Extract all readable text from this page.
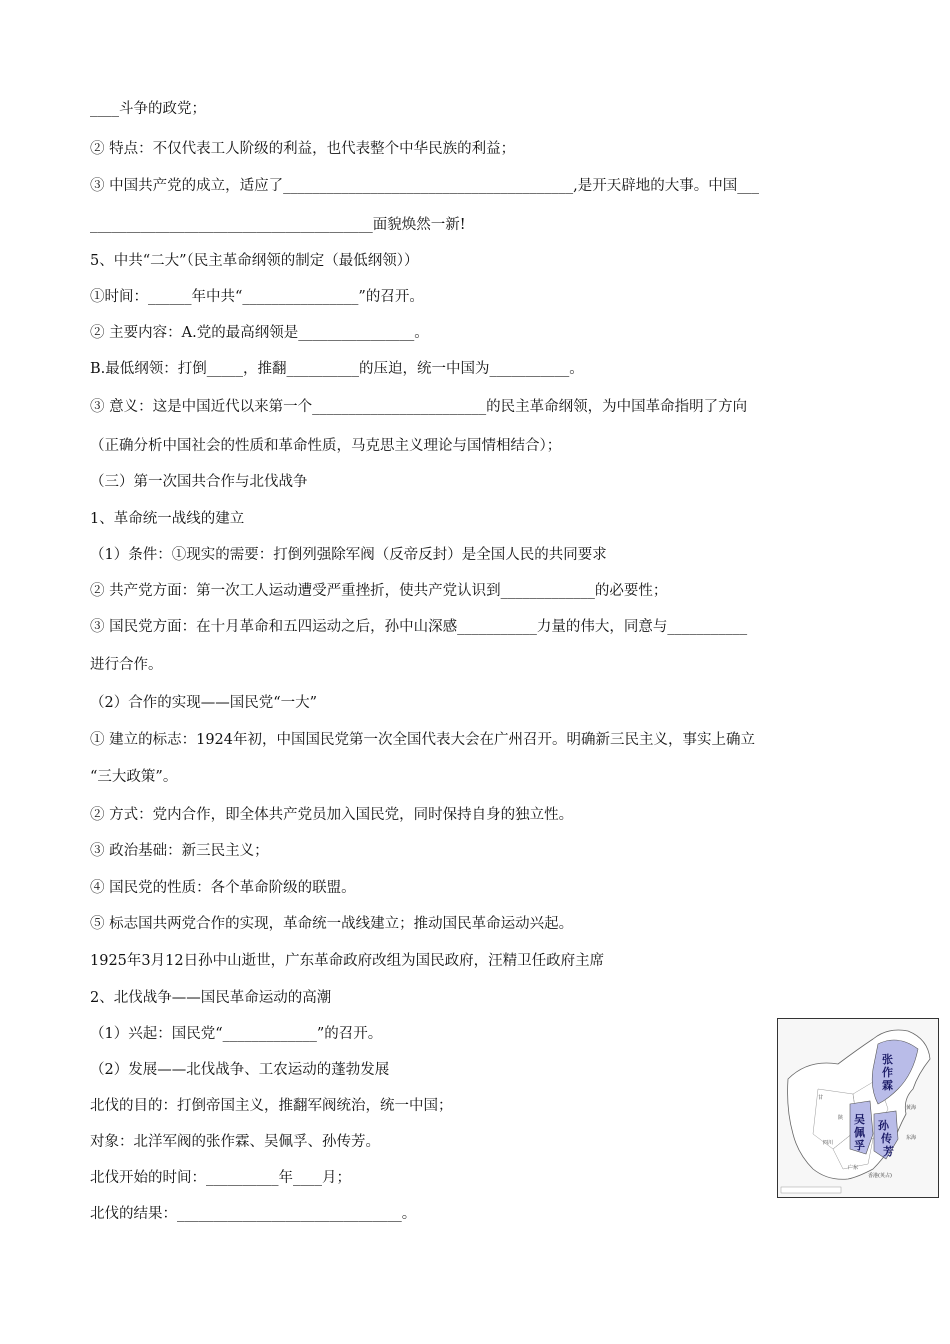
____斗争的政党；
② 特点：不仅代表工人阶级的利益，也代表整个中华民族的利益；
③ 中国共产党的成立，适应了________________________________________,是开天辟地的大事。中国___
_______________________________________面貌焕然一新!
5、中共“二大”（民主革命纲领的制定（最低纲领））
①时间：______年中共“________________”的召开。
② 主要内容：A.党的最高纲领是________________。
B.最低纲领：打倒_____，推翻__________的压迫，统一中国为___________。
③ 意义：这是中国近代以来第一个________________________的民主革命纲领，为中国革命指明了方向
（正确分析中国社会的性质和革命性质，马克思主义理论与国情相结合）；
（三）第一次国共合作与北伐战争
1、革命统一战线的建立
（1）条件：①现实的需要：打倒列强除军阀（反帝反封）是全国人民的共同要求
② 共产党方面：第一次工人运动遭受严重挫折，使共产党认识到_____________的必要性；
③ 国民党方面：在十月革命和五四运动之后，孙中山深感___________力量的伟大，同意与___________
进行合作。
（2）合作的实现——国民党“一大”
① 建立的标志：1924年初，中国国民党第一次全国代表大会在广州召开。明确新三民主义，事实上确立
“三大政策”。
② 方式：党内合作，即全体共产党员加入国民党，同时保持自身的独立性。
③ 政治基础：新三民主义；
④ 国民党的性质：各个革命阶级的联盟。
⑤ 标志国共两党合作的实现，革命统一战线建立；推动国民革命运动兴起。
1925年3月12日孙中山逝世，广东革命政府改组为国民政府，汪精卫任政府主席
2、北伐战争——国民革命运动的高潮
（1）兴起：国民党“_____________”的召开。
（2）发展——北伐战争、工农运动的蓬勃发展
北伐的目的：打倒帝国主义，推翻军阀统治，统一中国；
对象：北洋军阀的张作霖、吴佩孚、孙传芳。
北伐开始的时间：__________年____月；
北伐的结果：_______________________________。
张
作
霖
吴
佩
孚
孙
传
芳
甘
陕
四川
广东
香港(英占)
黄海
东海
